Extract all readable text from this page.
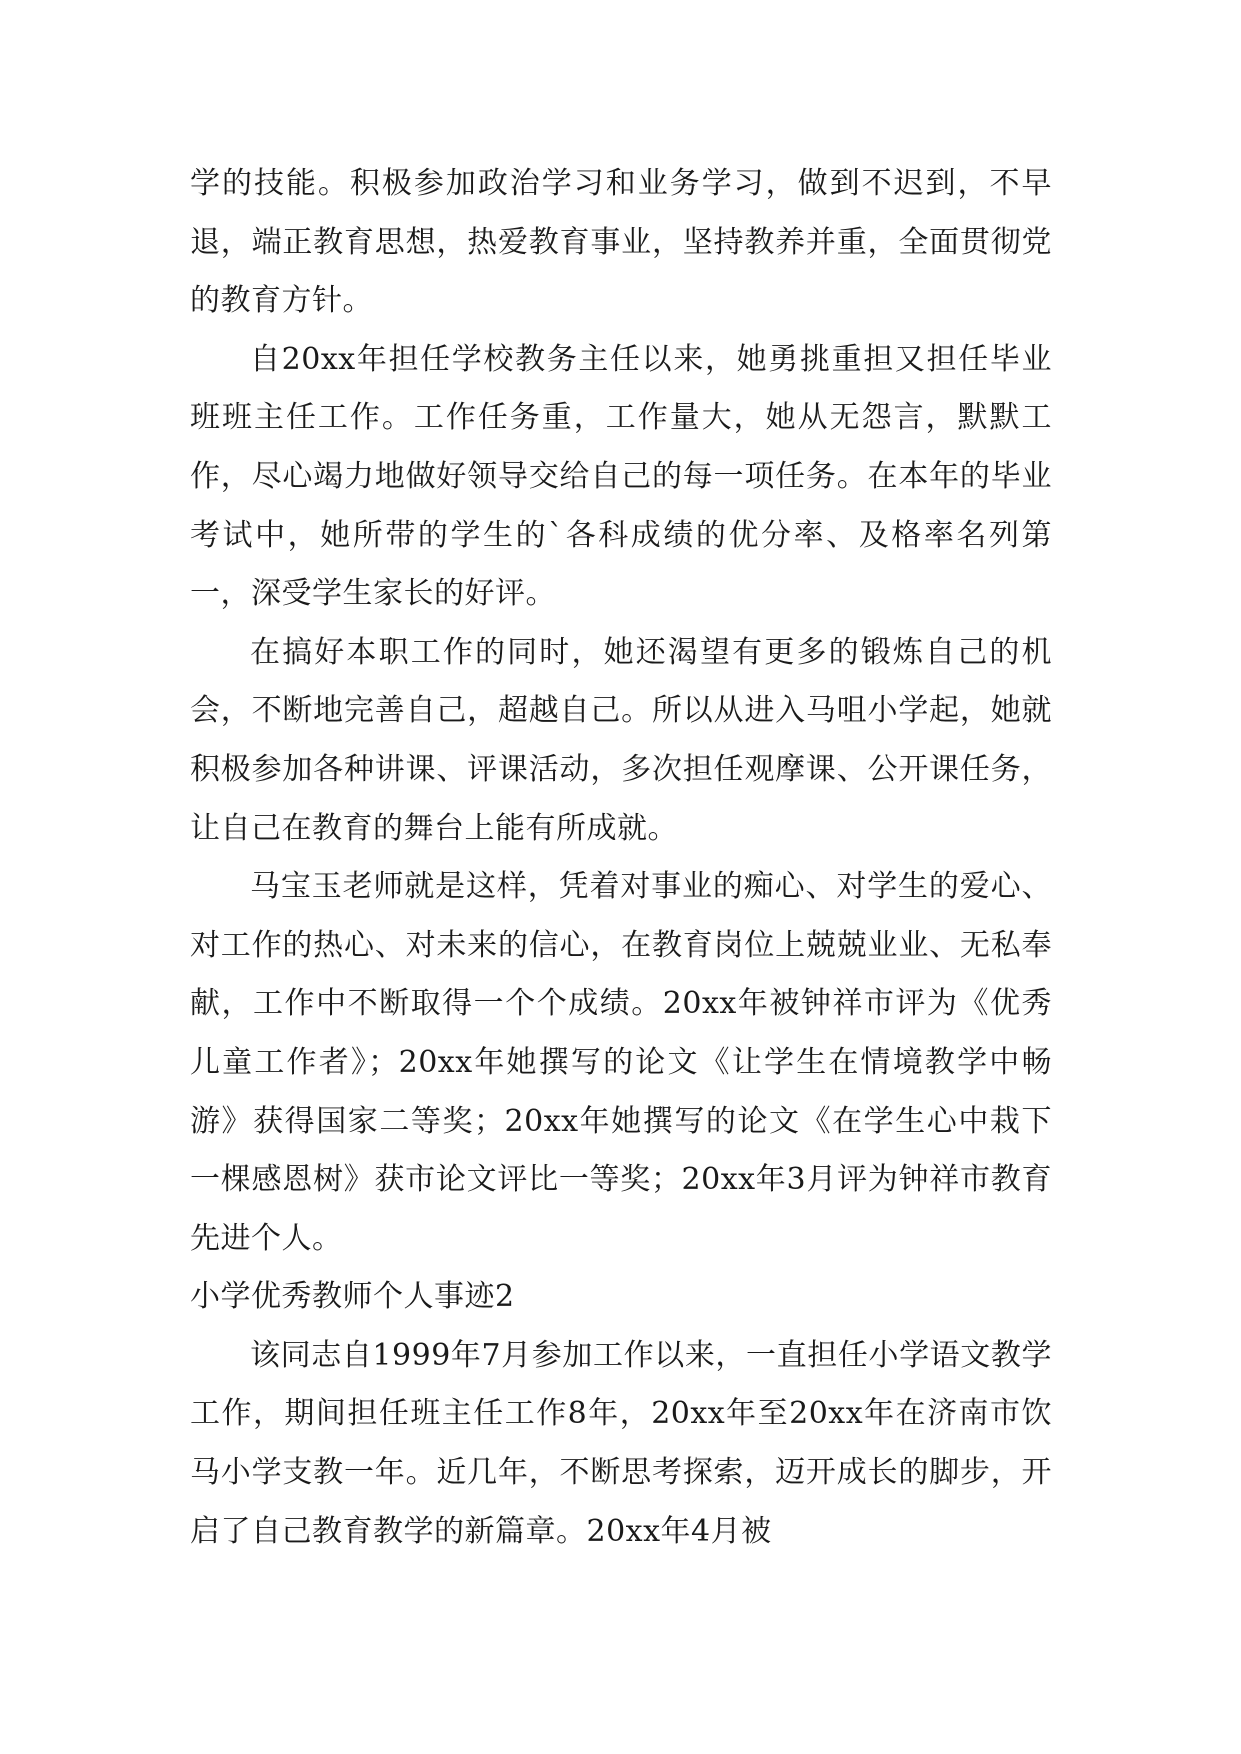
学的技能。积极参加政治学习和业务学习，做到不迟到，不早退，端正教育思想，热爱教育事业，坚持教养并重，全面贯彻党的教育方针。

自20xx年担任学校教务主任以来，她勇挑重担又担任毕业班班主任工作。工作任务重，工作量大，她从无怨言，默默工作，尽心竭力地做好领导交给自己的每一项任务。在本年的毕业考试中，她所带的学生的`各科成绩的优分率、及格率名列第一，深受学生家长的好评。

在搞好本职工作的同时，她还渴望有更多的锻炼自己的机会，不断地完善自己，超越自己。所以从进入马咀小学起，她就积极参加各种讲课、评课活动，多次担任观摩课、公开课任务，让自己在教育的舞台上能有所成就。

马宝玉老师就是这样，凭着对事业的痴心、对学生的爱心、对工作的热心、对未来的信心，在教育岗位上兢兢业业、无私奉献，工作中不断取得一个个成绩。20xx年被钟祥市评为《优秀儿童工作者》；20xx年她撰写的论文《让学生在情境教学中畅游》获得国家二等奖；20xx年她撰写的论文《在学生心中栽下一棵感恩树》获市论文评比一等奖；20xx年3月评为钟祥市教育先进个人。

小学优秀教师个人事迹2

该同志自1999年7月参加工作以来，一直担任小学语文教学工作，期间担任班主任工作8年，20xx年至20xx年在济南市饮马小学支教一年。近几年，不断思考探索，迈开成长的脚步，开启了自己教育教学的新篇章。20xx年4月被
